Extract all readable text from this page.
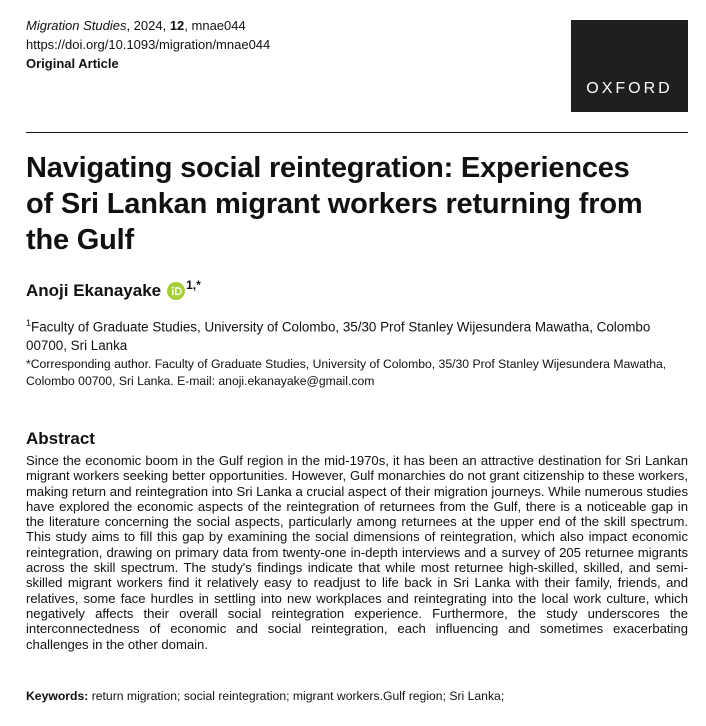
Migration Studies, 2024, 12, mnae044
https://doi.org/10.1093/migration/mnae044
Original Article
OXFORD
Navigating social reintegration: Experiences of Sri Lankan migrant workers returning from the Gulf
Anoji Ekanayake 1,*
$^1$Faculty of Graduate Studies, University of Colombo, 35/30 Prof Stanley Wijesundera Mawatha, Colombo 00700, Sri Lanka
*Corresponding author. Faculty of Graduate Studies, University of Colombo, 35/30 Prof Stanley Wijesundera Mawatha, Colombo 00700, Sri Lanka. E-mail: anoji.ekanayake@gmail.com
Abstract

Since the economic boom in the Gulf region in the mid-1970s, it has been an attractive destination for Sri Lankan migrant workers seeking better opportunities. However, Gulf monarchies do not grant citizenship to these workers, making return and reintegration into Sri Lanka a crucial aspect of their migration journeys. While numerous studies have explored the economic aspects of the reintegration of returnees from the Gulf, there is a noticeable gap in the literature concerning the social aspects, particularly among returnees at the upper end of the skill spectrum. This study aims to fill this gap by examining the social dimensions of reintegration, which also impact economic reintegration, drawing on primary data from twenty-one in-depth interviews and a survey of 205 returnee migrants across the skill spectrum. The study's findings indicate that while most returnee high-skilled, skilled, and semiskilled migrant workers find it relatively easy to readjust to life back in Sri Lanka with their family, friends, and relatives, some face hurdles in settling into new workplaces and reintegrating into the local work culture, which negatively affects their overall social reintegration experience. Furthermore, the study underscores the interconnectedness of economic and social reintegration, each influencing and sometimes exacerbating challenges in the other domain.

Keywords: return migration; social reintegration; migrant workers.Gulf region; Sri Lanka;
